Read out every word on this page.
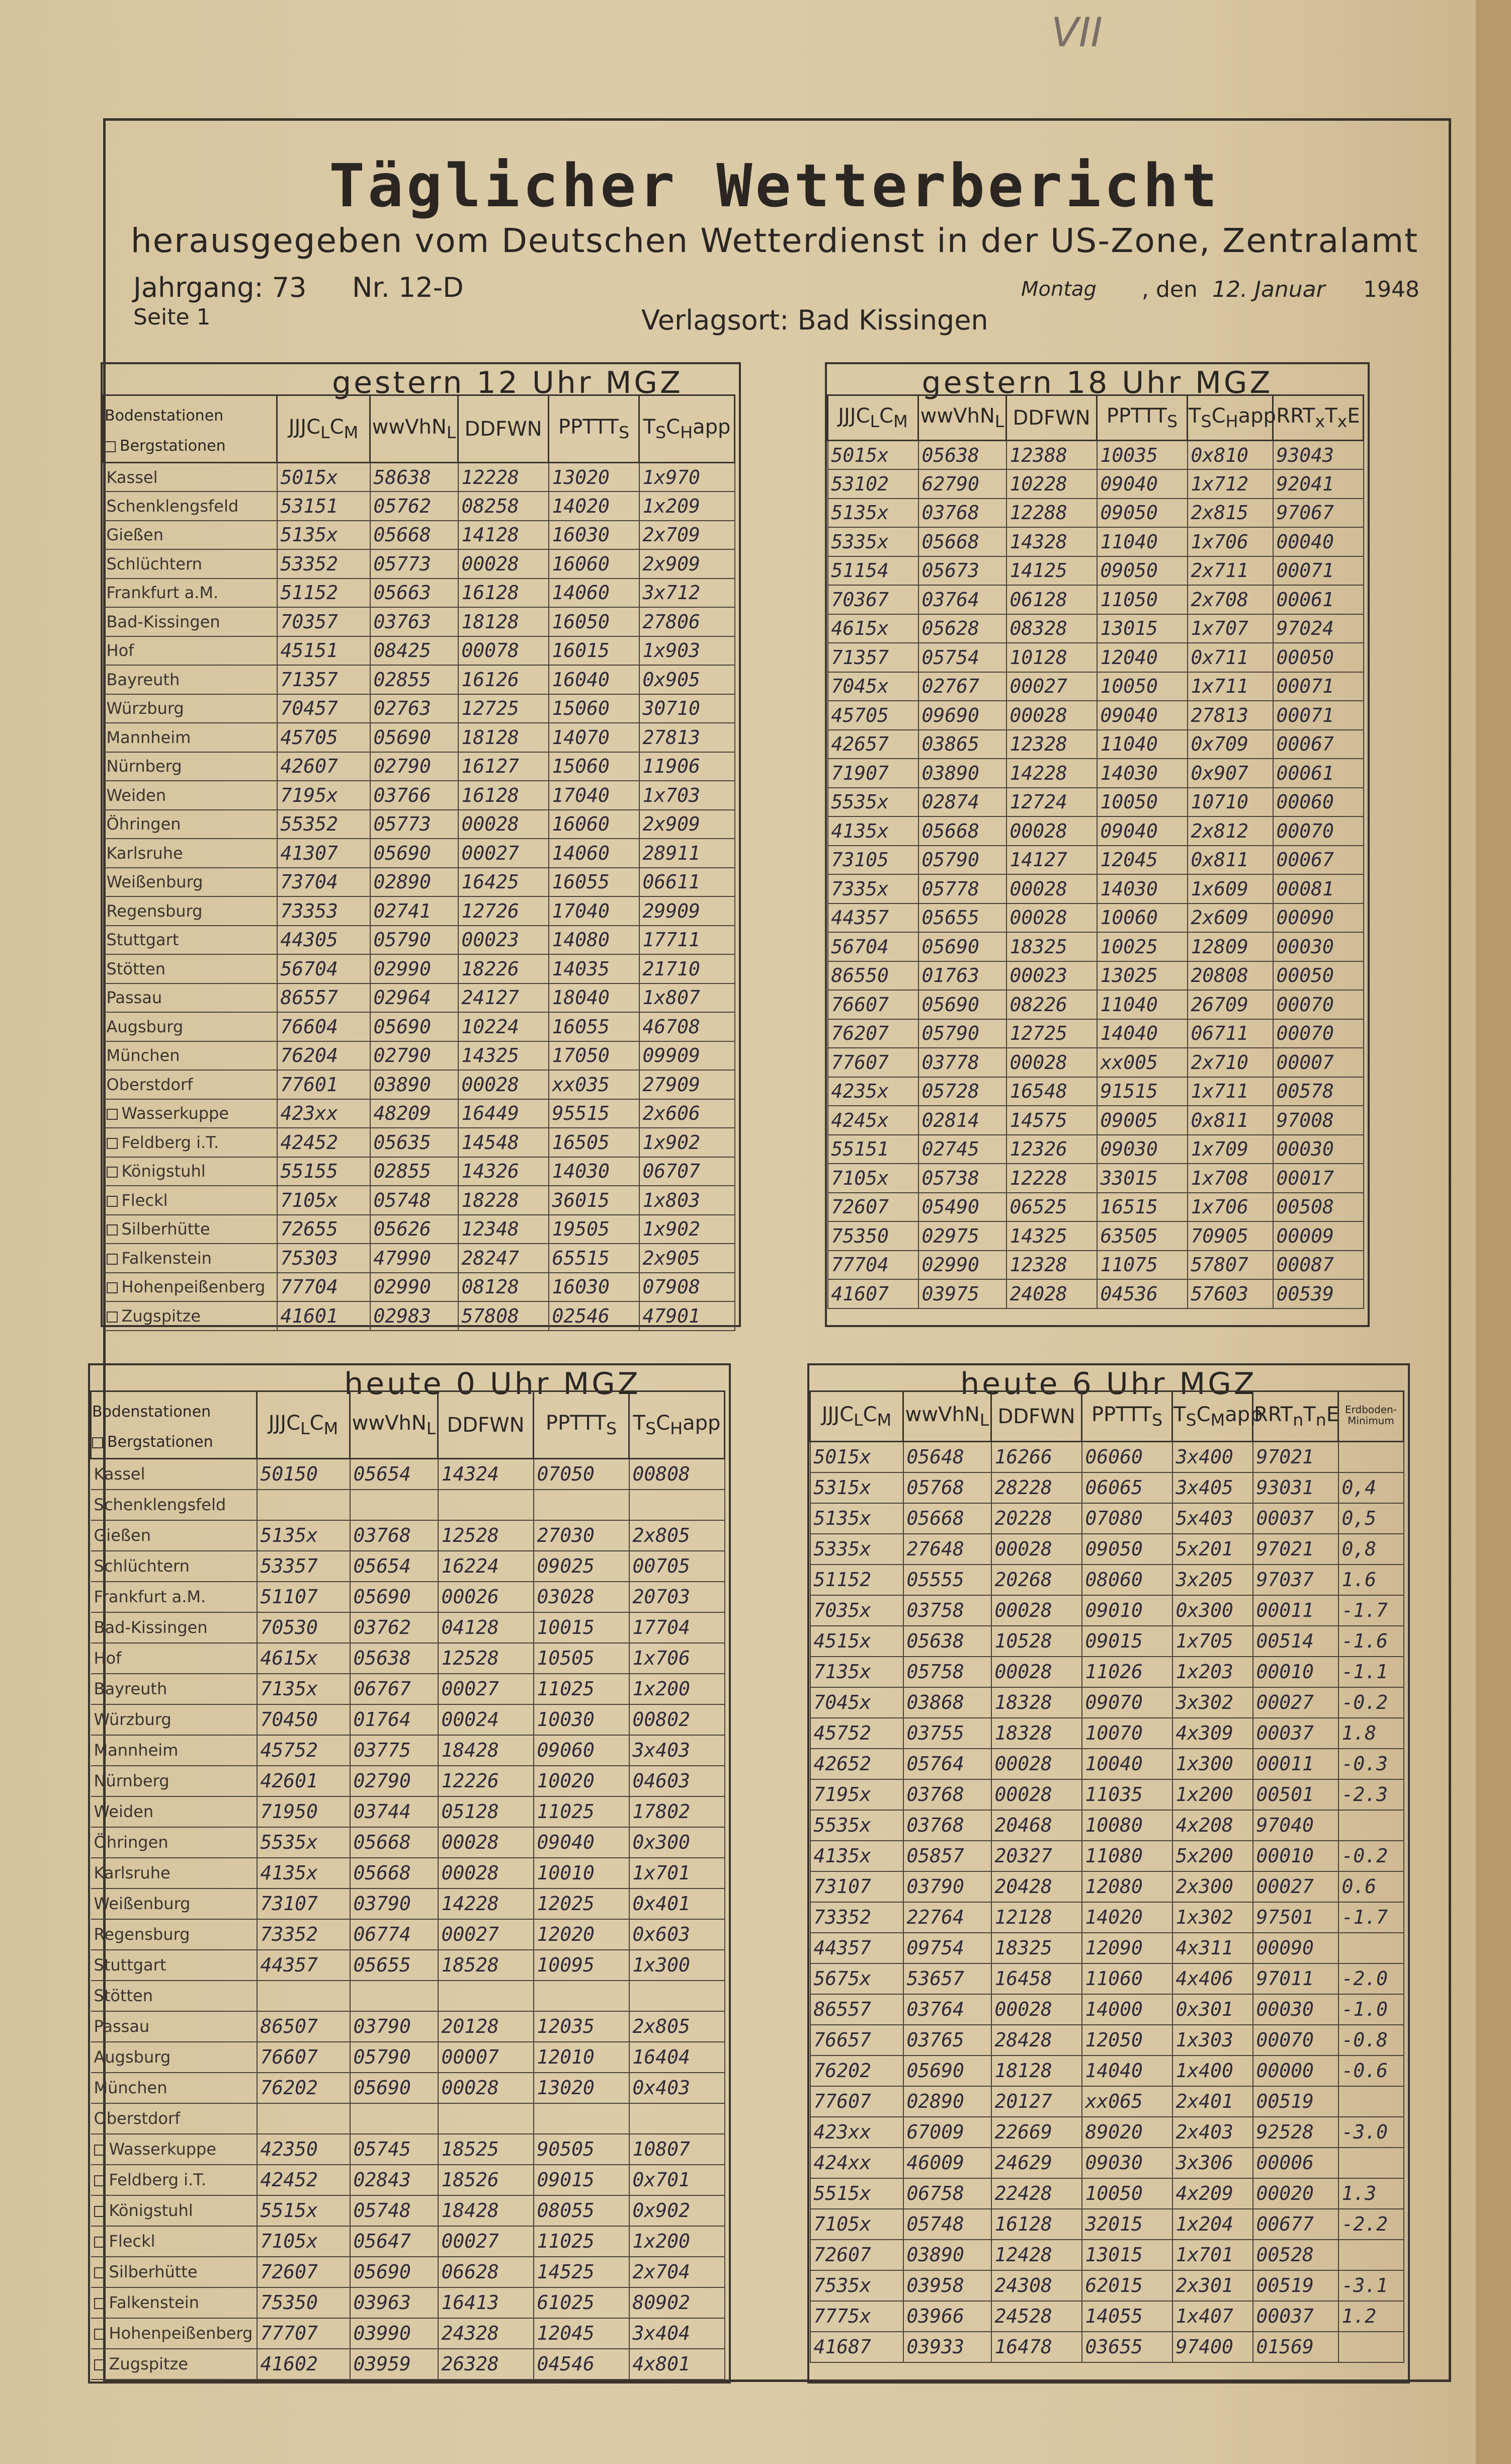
VII
Täglicher Wetterbericht
herausgegeben vom Deutschen Wetterdienst in der US-Zone, Zentralamt
Jahrgang: 73 Nr. 12-D	Montag , den 12. Januar 1948
Seite 1	Verlagsort: Bad Kissingen
gestern 12 Uhr MGZ
Bodenstationen
Bergstationen	$JJJC_LC_M$	wwVhN$_L$	DDFWN	$PPTTT_S$	$T_SC_Happ$
Kassel	5015x	58638	12228	13020	1x970
Schenklengsfeld	53151	05762	08258	14020	1x209
Gießen	5135x	05668	14128	16030	2x709
Schlüchtern	53352	05773	00028	16060	2x909
Frankfurt a.M.	51152	05663	16128	14060	3x712
Bad-Kissingen	70357	03763	18128	16050	27806
Hof	45151	08425	00078	16015	1x903
Bayreuth	71357	02855	16126	16040	0x905
Würzburg	70457	02763	12725	15060	30710
Mannheim	45705	05690	18128	14070	27813
Nürnberg	42607	02790	16127	15060	11906
Weiden	7195x	03766	16128	17040	1x703
Öhringen	55352	05773	00028	16060	2x909
Karlsruhe	41307	05690	00027	14060	28911
Weißenburg	73704	02890	16425	16055	06611
Regensburg	73353	02741	12726	17040	29909
Stuttgart	44305	05790	00023	14080	17711
Stötten	56704	02990	18226	14035	21710
Passau	86557	02964	24127	18040	1x807
Augsburg	76604	05690	10224	16055	46708
München	76204	02790	14325	17050	09909
Oberstdorf	77601	03890	00028	xx035	27909
Wasserkuppe	423xx	48209	16449	95515	2x606
Feldberg i.T.	42452	05635	14548	16505	1x902
Königstuhl	55155	02855	14326	14030	06707
Fleckl	7105x	05748	18228	36015	1x803
Silberhütte	72655	05626	12348	19505	1x902
Falkenstein	75303	47990	28247	65515	2x905
Hohenpeißenberg	77704	02990	08128	16030	07908
Zugspitze	41601	02983	57808	02546	47901
gestern 18 Uhr MGZ
$JJJC_LC_M$	wwVhN$_L$	DDFWN	$PPTTT_S$	$T_SC_Happ$	$RRT_xT_xE$
5015x	05638	12388	10035	0x810	93043
53102	62790	10228	09040	1x712	92041
5135x	03768	12288	09050	2x815	97067
5335x	05668	14328	11040	1x706	00040
51154	05673	14125	09050	2x711	00071
70367	03764	06128	11050	2x708	00061
4615x	05628	08328	13015	1x707	97024
71357	05754	10128	12040	0x711	00050
7045x	02767	00027	10050	1x711	00071
45705	09690	00028	09040	27813	00071
42657	03865	12328	11040	0x709	00067
71907	03890	14228	14030	0x907	00061
5535x	02874	12724	10050	10710	00060
4135x	05668	00028	09040	2x812	00070
73105	05790	14127	12045	0x811	00067
7335x	05778	00028	14030	1x609	00081
44357	05655	00028	10060	2x609	00090
56704	05690	18325	10025	12809	00030
86550	01763	00023	13025	20808	00050
76607	05690	08226	11040	26709	00070
76207	05790	12725	14040	06711	00070
77607	03778	00028	xx005	2x710	00007
4235x	05728	16548	91515	1x711	00578
4245x	02814	14575	09005	0x811	97008
55151	02745	12326	09030	1x709	00030
7105x	05738	12228	33015	1x708	00017
72607	05490	06525	16515	1x706	00508
75350	02975	14325	63505	70905	00009
77704	02990	12328	11075	57807	00087
41607	03975	24028	04536	57603	00539
heute 0 Uhr MGZ
Bodenstationen
Bergstationen	$JJJC_LC_M$	wwVhN$_L$	DDFWN	$PPTTT_S$	$T_SC_Happ$
Kassel	50150	05654	14324	07050	00808
Schenklengsfeld					
Gießen	5135x	03768	12528	27030	2x805
Schlüchtern	53357	05654	16224	09025	00705
Frankfurt a.M.	51107	05690	00026	03028	20703
Bad-Kissingen	70530	03762	04128	10015	17704
Hof	4615x	05638	12528	10505	1x706
Bayreuth	7135x	06767	00027	11025	1x200
Würzburg	70450	01764	00024	10030	00802
Mannheim	45752	03775	18428	09060	3x403
Nürnberg	42601	02790	12226	10020	04603
Weiden	71950	03744	05128	11025	17802
Öhringen	5535x	05668	00028	09040	0x300
Karlsruhe	4135x	05668	00028	10010	1x701
Weißenburg	73107	03790	14228	12025	0x401
Regensburg	73352	06774	00027	12020	0x603
Stuttgart	44357	05655	18528	10095	1x300
Stötten					
Passau	86507	03790	20128	12035	2x805
Augsburg	76607	05790	00007	12010	16404
München	76202	05690	00028	13020	0x403
Oberstdorf					
Wasserkuppe	42350	05745	18525	90505	10807
Feldberg i.T.	42452	02843	18526	09015	0x701
Königstuhl	5515x	05748	18428	08055	0x902
Fleckl	7105x	05647	00027	11025	1x200
Silberhütte	72607	05690	06628	14525	2x704
Falkenstein	75350	03963	16413	61025	80902
Hohenpeißenberg	77707	03990	24328	12045	3x404
Zugspitze	41602	03959	26328	04546	4x801
heute 6 Uhr MGZ
$JJJC_LC_M$	wwVhN$_L$	DDFWN	$PPTTT_S$	$T_SC_Mapp$	$RRT_nT_nE$	Erdboden-
Minimum
5015x	05648	16266	06060	3x400	97021	
5315x	05768	28228	06065	3x405	93031	0,4
5135x	05668	20228	07080	5x403	00037	0,5
5335x	27648	00028	09050	5x201	97021	0,8
51152	05555	20268	08060	3x205	97037	1.6
7035x	03758	00028	09010	0x300	00011	-1.7
4515x	05638	10528	09015	1x705	00514	-1.6
7135x	05758	00028	11026	1x203	00010	-1.1
7045x	03868	18328	09070	3x302	00027	-0.2
45752	03755	18328	10070	4x309	00037	1.8
42652	05764	00028	10040	1x300	00011	-0.3
7195x	03768	00028	11035	1x200	00501	-2.3
5535x	03768	20468	10080	4x208	97040	
4135x	05857	20327	11080	5x200	00010	-0.2
73107	03790	20428	12080	2x300	00027	0.6
73352	22764	12128	14020	1x302	97501	-1.7
44357	09754	18325	12090	4x311	00090	
5675x	53657	16458	11060	4x406	97011	-2.0
86557	03764	00028	14000	0x301	00030	-1.0
76657	03765	28428	12050	1x303	00070	-0.8
76202	05690	18128	14040	1x400	00000	-0.6
77607	02890	20127	xx065	2x401	00519	
423xx	67009	22669	89020	2x403	92528	-3.0
424xx	46009	24629	09030	3x306	00006	
5515x	06758	22428	10050	4x209	00020	1.3
7105x	05748	16128	32015	1x204	00677	-2.2
72607	03890	12428	13015	1x701	00528	
7535x	03958	24308	62015	2x301	00519	-3.1
7775x	03966	24528	14055	1x407	00037	1.2
41687	03933	16478	03655	97400	01569	
